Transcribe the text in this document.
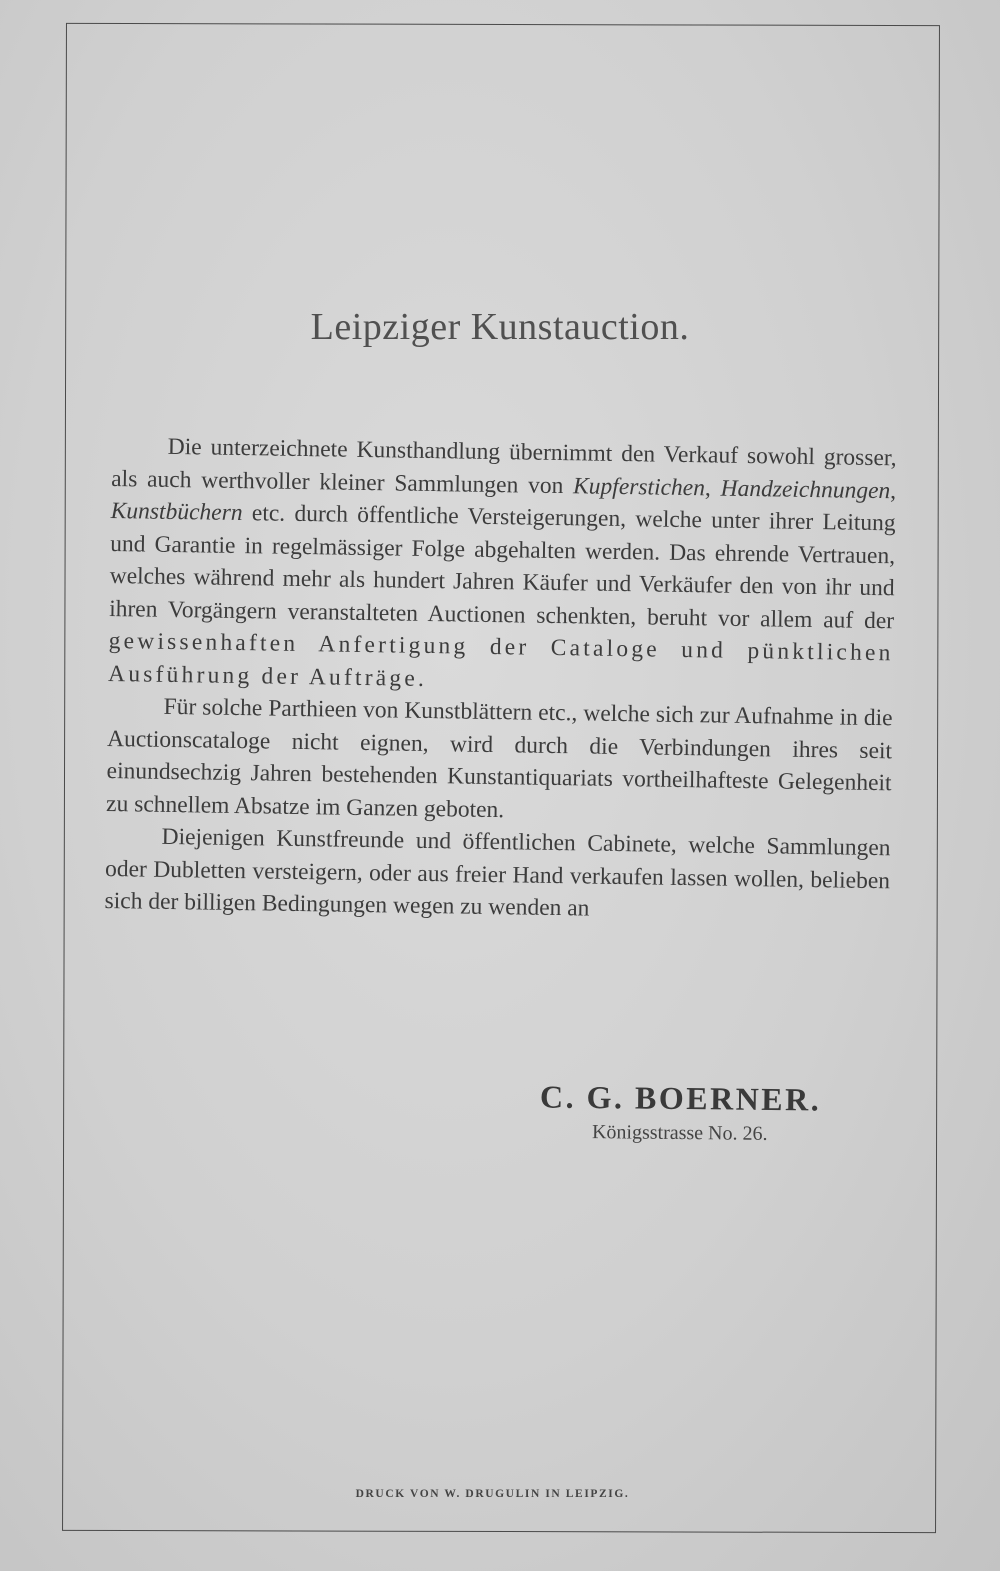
Leipziger Kunstauction.

Die unterzeichnete Kunsthandlung übernimmt den Verkauf sowohl grosser, als auch werthvoller kleiner Sammlungen von Kupferstichen, Handzeichnungen, Kunstbüchern etc. durch öffentliche Versteigerungen, welche unter ihrer Leitung und Garantie in regelmässiger Folge abgehalten werden. Das ehrende Vertrauen, welches während mehr als hundert Jahren Käufer und Verkäufer den von ihr und ihren Vorgängern veranstalteten Auctionen schenkten, beruht vor allem auf der gewissenhaften Anfertigung der Cataloge und pünktlichen Ausführung der Aufträge.

Für solche Parthieen von Kunstblättern etc., welche sich zur Aufnahme in die Auctionscataloge nicht eignen, wird durch die Verbindungen ihres seit einundsechzig Jahren bestehenden Kunstantiquariats vortheilhafteste Gelegenheit zu schnellem Absatze im Ganzen geboten.

Diejenigen Kunstfreunde und öffentlichen Cabinete, welche Sammlungen oder Dubletten versteigern, oder aus freier Hand verkaufen lassen wollen, belieben sich der billigen Bedingungen wegen zu wenden an

C. G. BOERNER.
Königsstrasse No. 26.
DRUCK VON W. DRUGULIN IN LEIPZIG.
